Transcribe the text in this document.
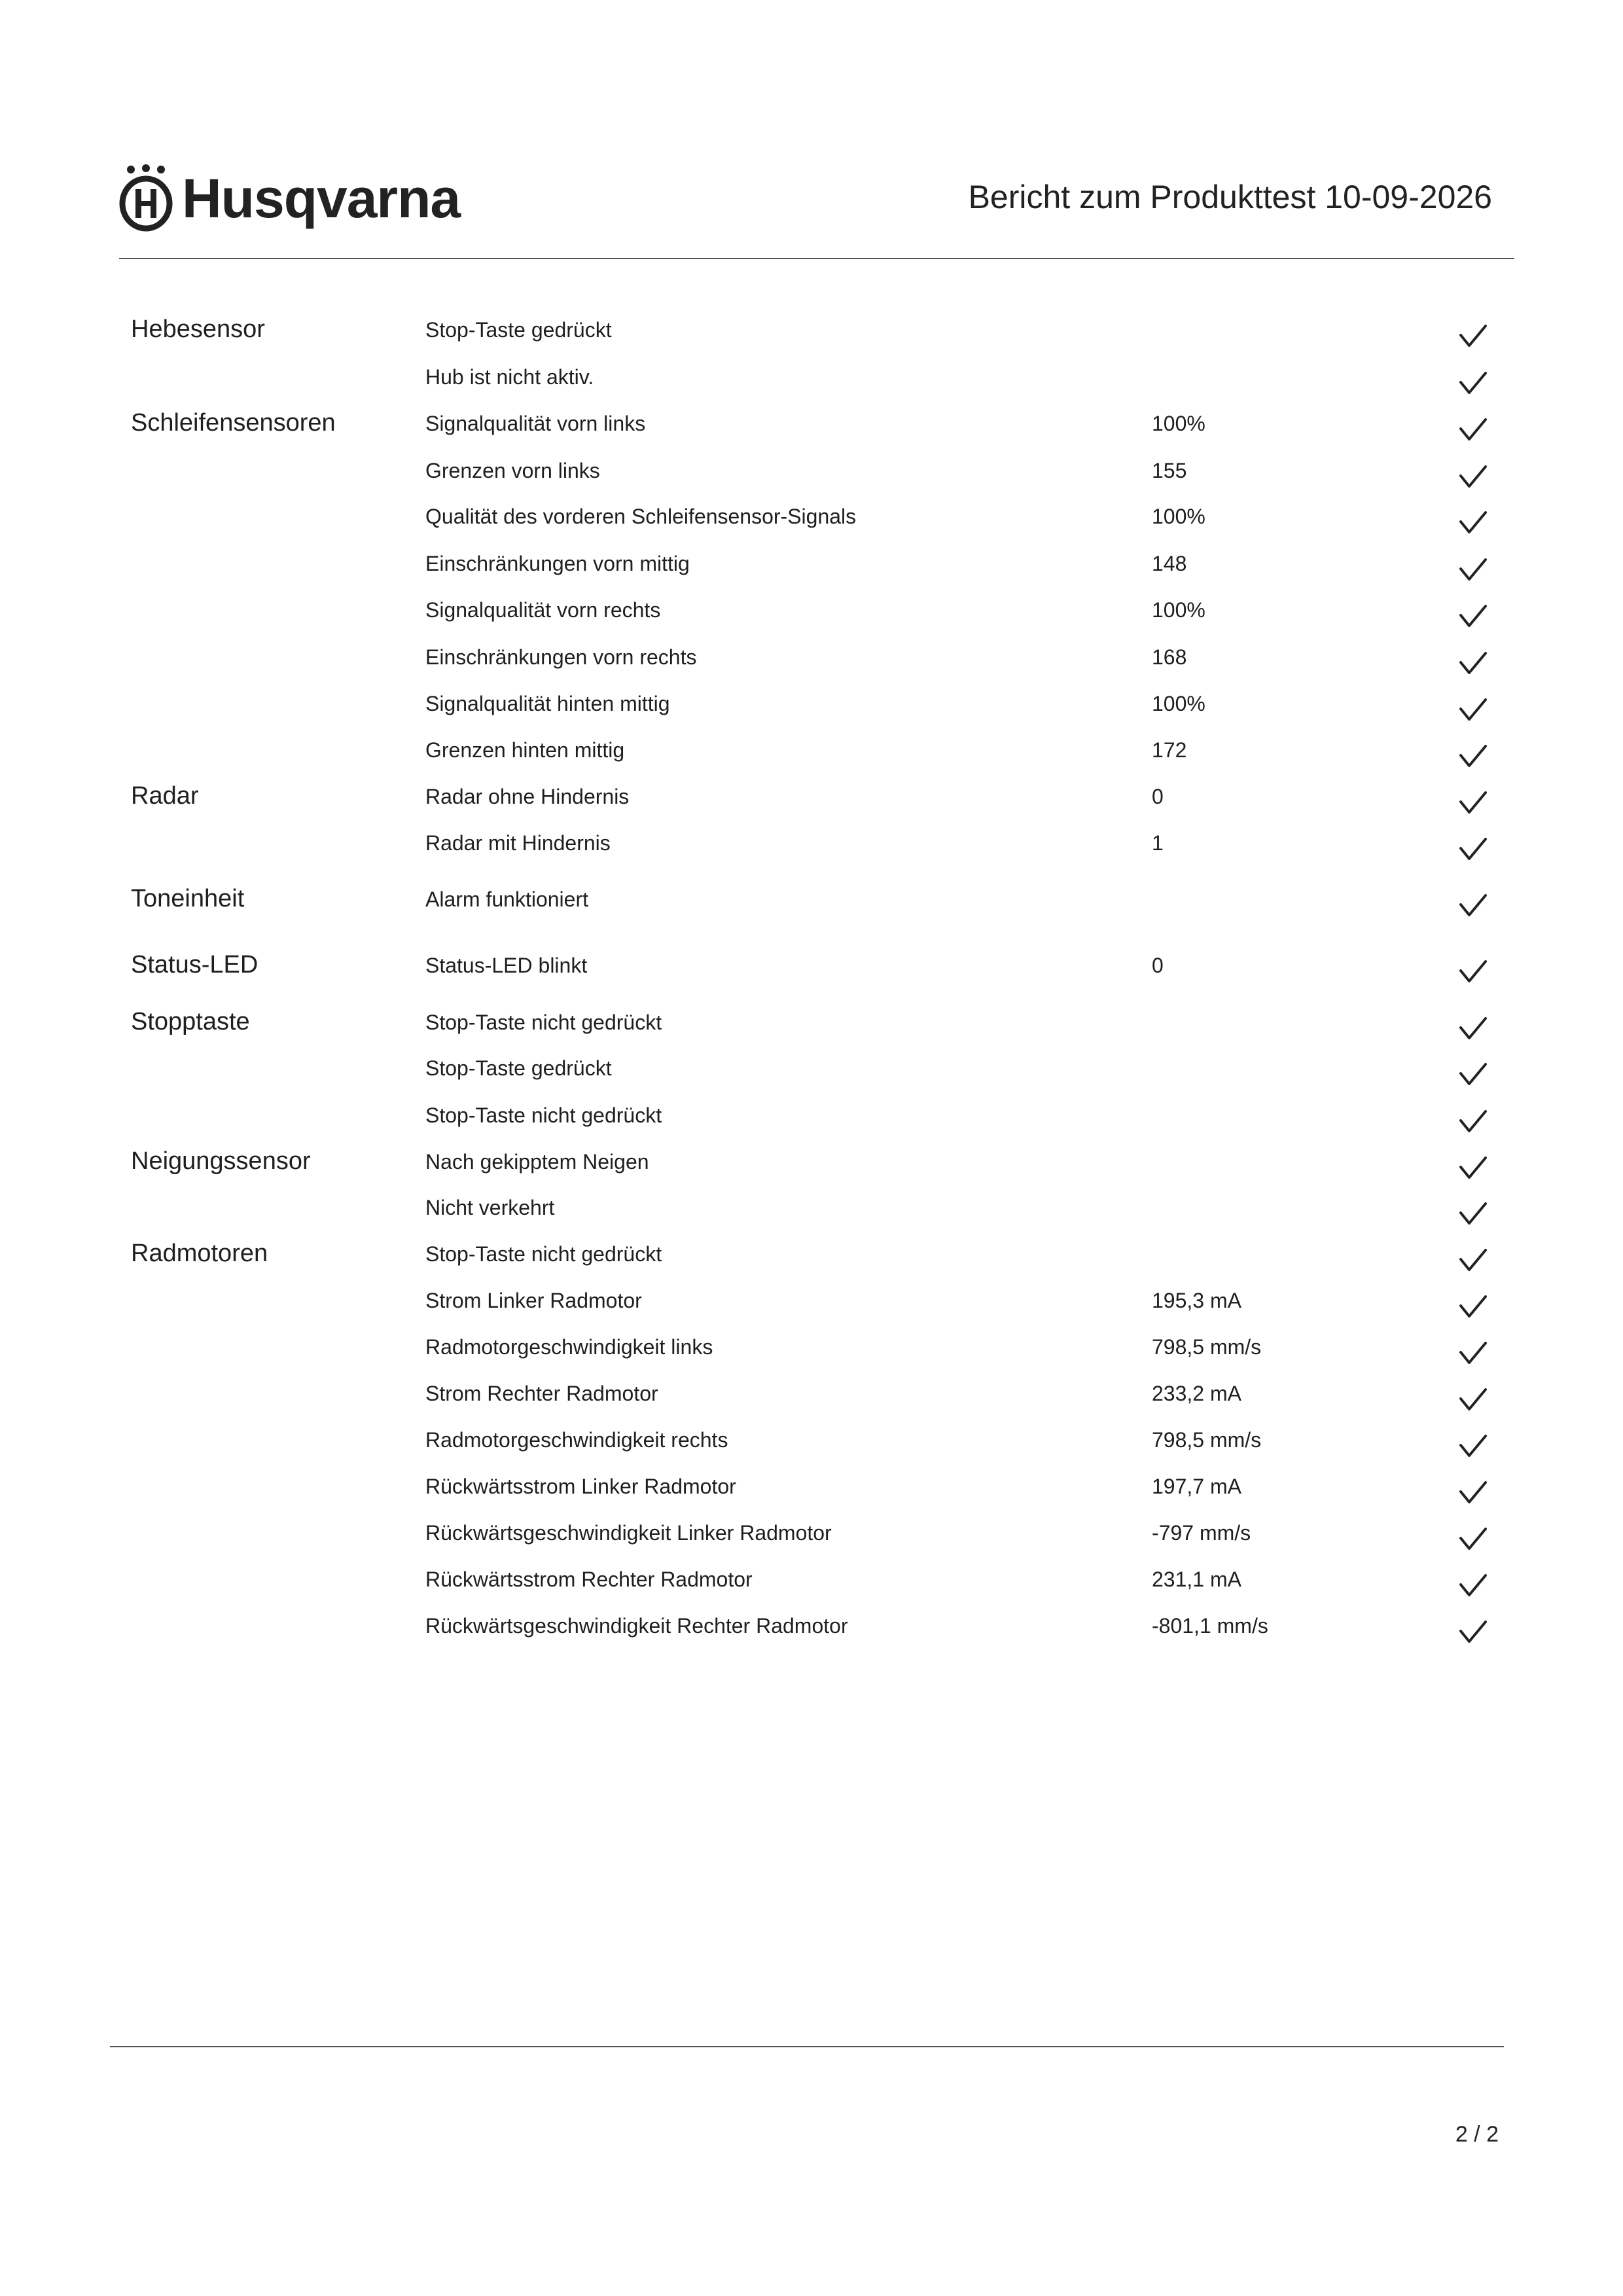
Husqvarna	Bericht zum Produkttest 10-09-2026
Hebesensor	Stop-Taste gedrückt
Hub ist nicht aktiv.
Schleifensensoren	Signalqualität vorn links	100%
Grenzen vorn links	155
Qualität des vorderen Schleifensensor-Signals	100%
Einschränkungen vorn mittig	148
Signalqualität vorn rechts	100%
Einschränkungen vorn rechts	168
Signalqualität hinten mittig	100%
Grenzen hinten mittig	172
Radar	Radar ohne Hindernis	0
Radar mit Hindernis	1
Toneinheit	Alarm funktioniert
Status-LED	Status-LED blinkt	0
Stopptaste	Stop-Taste nicht gedrückt
Stop-Taste gedrückt
Stop-Taste nicht gedrückt
Neigungssensor	Nach gekipptem Neigen
Nicht verkehrt
Radmotoren	Stop-Taste nicht gedrückt
Strom Linker Radmotor	195,3 mA
Radmotorgeschwindigkeit links	798,5 mm/s
Strom Rechter Radmotor	233,2 mA
Radmotorgeschwindigkeit rechts	798,5 mm/s
Rückwärtsstrom Linker Radmotor	197,7 mA
Rückwärtsgeschwindigkeit Linker Radmotor	-797 mm/s
Rückwärtsstrom Rechter Radmotor	231,1 mA
Rückwärtsgeschwindigkeit Rechter Radmotor	-801,1 mm/s
2 / 2
